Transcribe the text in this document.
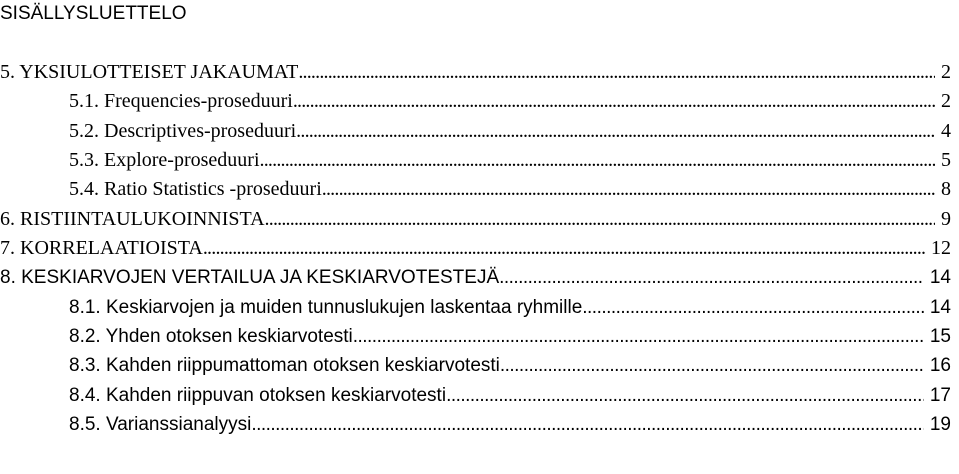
SISÄLLYSLUETTELO
5. YKSIULOTTEISET JAKAUMAT . . .	2
5.1. Frequencies-proseduuri . . .	2
5.2. Descriptives-proseduuri . . .	4
5.3. Explore-proseduuri . . .	5
5.4. Ratio Statistics -proseduuri . . .	8
6. RISTIINTAULUKOINNISTA . . .	9
7. KORRELAATIOISTA . . .	12
8. KESKIARVOJEN VERTAILUA JA KESKIARVOTESTEJÄ . . .	14
8.1. Keskiarvojen ja muiden tunnuslukujen laskentaa ryhmille . . .	14
8.2. Yhden otoksen keskiarvotesti . . .	15
8.3. Kahden riippumattoman otoksen keskiarvotesti . . .	16
8.4. Kahden riippuvan otoksen keskiarvotesti . . .	17
8.5. Varianssianalyysi . . .	19
